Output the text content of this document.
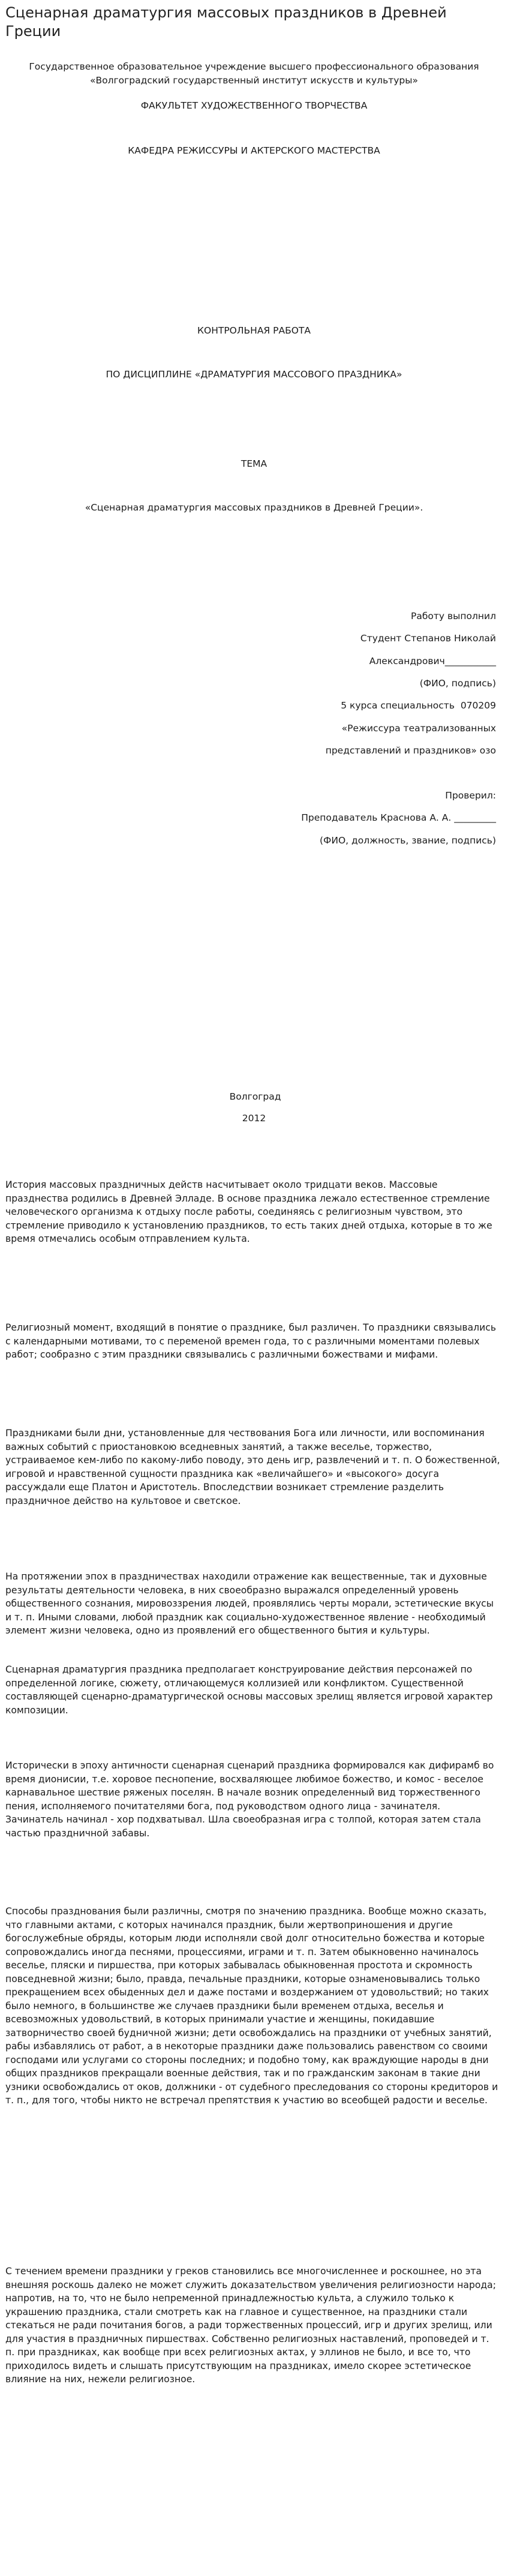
Сценарная драматургия массовых праздников в Древней Греции
Государственное образовательное учреждение высшего профессионального образования «Волгоградский государственный институт искусств и культуры»
ФАКУЛЬТЕТ ХУДОЖЕСТВЕННОГО ТВОРЧЕСТВА
КАФЕДРА РЕЖИССУРЫ И АКТЕРСКОГО МАСТЕРСТВА
КОНТРОЛЬНАЯ РАБОТА
ПО ДИСЦИПЛИНЕ «ДРАМАТУРГИЯ МАССОВОГО ПРАЗДНИКА»
ТЕМА
«Сценарная драматургия массовых праздников в Древней Греции».
Работу выполнил
Студент Степанов Николай
Александрович___________
(ФИО, подпись)
5 курса специальность  070209
«Режиссура театрализованных
представлений и праздников» озо
Проверил:
Преподаватель Краснова А. А. _________
(ФИО, должность, звание, подпись)
Волгоград
2012

История массовых праздничных действ насчитывает около тридцати веков. Массовые празднества родились в Древней Элладе. В основе праздника лежало естественное стремление человеческого организма к отдыху после работы, соединяясь с религиозным чувством, это стремление приводило к установлению праздников, то есть таких дней отдыха, которые в то же время отмечались особым отправлением культа.

Религиозный момент, входящий в понятие о празднике, был различен. То праздники связывались с календарными мотивами, то с переменой времен года, то с различными моментами полевых работ; сообразно с этим праздники связывались с различными божествами и мифами.

Праздниками были дни, установленные для чествования Бога или личности, или воспоминания важных событий с приостановкою вседневных занятий, а также веселье, торжество, устраиваемое кем-либо по какому-либо поводу, это день игр, развлечений и т. п. О божественной, игровой и нравственной сущности праздника как «величайшего» и «высокого» досуга рассуждали еще Платон и Аристотель. Впоследствии возникает стремление разделить праздничное действо на культовое и светское.

На протяжении эпох в праздничествах находили отражение как вещественные, так и духовные результаты деятельности человека, в них своеобразно выражался определенный уровень общественного сознания, мировоззрения людей, проявлялись черты морали, эстетические вкусы и т. п. Иными словами, любой праздник как социально-художественное явление - необходимый элемент жизни человека, одно из проявлений его общественного бытия и культуры.

Сценарная драматургия праздника предполагает конструирование действия персонажей по определенной логике, сюжету, отличающемуся коллизией или конфликтом. Существенной составляющей сценарно-драматургической основы массовых зрелищ является игровой характер композиции.

Исторически в эпоху античности сценарная сценарий праздника формировался как дифирамб во время дионисии, т.е. хоровое песнопение, восхваляющее любимое божество, и комос - веселое карнавальное шествие ряженых поселян. В начале возник определенный вид торжественного пения, исполняемого почитателями бога, под руководством одного лица - зачинателя. Зачинатель начинал - хор подхватывал. Шла своеобразная игра с толпой, которая затем стала частью праздничной забавы.

Способы празднования были различны, смотря по значению праздника. Вообще можно сказать, что главными актами, с которых начинался праздник, были жертвоприношения и другие богослужебные обряды, которым люди исполняли свой долг относительно божества и которые сопровождались иногда песнями, процессиями, играми и т. п. Затем обыкновенно начиналось веселье, пляски и пиршества, при которых забывалась обыкновенная простота и скромность повседневной жизни; было, правда, печальные праздники, которые ознаменовывались только прекращением всех обыденных дел и даже постами и воздержанием от удовольствий; но таких было немного, в большинстве же случаев праздники были временем отдыха, веселья и всевозможных удовольствий, в которых принимали участие и женщины, покидавшие затворничество своей будничной жизни; дети освобождались на праздники от учебных занятий, рабы избавлялись от работ, а в некоторые праздники даже пользовались равенством со своими господами или услугами со стороны последних; и подобно тому, как враждующие народы в дни общих праздников прекращали военные действия, так и по гражданским законам в такие дни узники освобождались от оков, должники - от судебного преследования со стороны кредиторов и т. п., для того, чтобы никто не встречал препятствия к участию во всеобщей радости и веселье.

С течением времени праздники у греков становились все многочисленнее и роскошнее, но эта внешняя роскошь далеко не может служить доказательством увеличения религиозности народа; напротив, на то, что не было непременной принадлежностью культа, а служило только к украшению праздника, стали смотреть как на главное и существенное, на праздники стали стекаться не ради почитания богов, а ради торжественных процессий, игр и других зрелищ, или для участия в праздничных пиршествах. Собственно религиозных наставлений, проповедей и т. п. при праздниках, как вообще при всех религиозных актах, у эллинов не было, и все то, что приходилось видеть и слышать присутствующим на праздниках, имело скорее эстетическое влияние на них, нежели религиозное.
